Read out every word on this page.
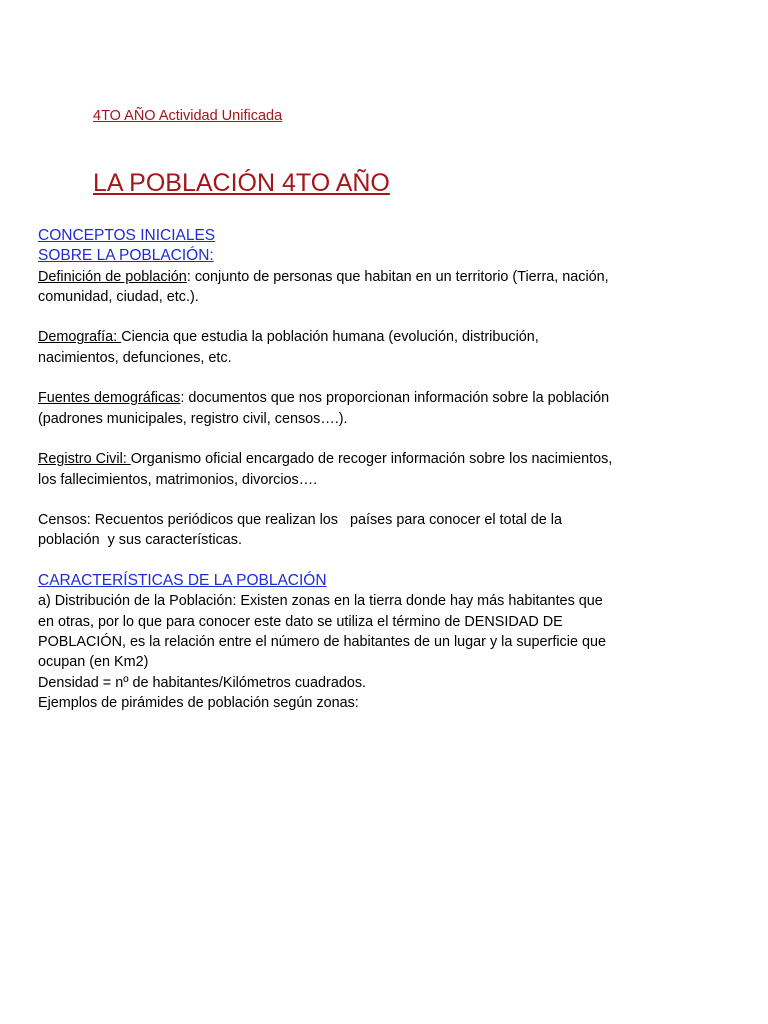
4TO AÑO Actividad Unificada
LA POBLACIÓN 4TO AÑO
CONCEPTOS INICIALES
SOBRE LA POBLACIÓN:
Definición de población: conjunto de personas que habitan en un territorio (Tierra, nación,
comunidad, ciudad, etc.).
Demografía: Ciencia que estudia la población humana (evolución, distribución,
nacimientos, defunciones, etc.
Fuentes demográficas: documentos que nos proporcionan información sobre la población
(padrones municipales, registro civil, censos….).
Registro Civil: Organismo oficial encargado de recoger información sobre los nacimientos,
los fallecimientos, matrimonios, divorcios….
Censos: Recuentos periódicos que realizan los   países para conocer el total de la
población  y sus características.
CARACTERÍSTICAS DE LA POBLACIÓN
a) Distribución de la Población: Existen zonas en la tierra donde hay más habitantes que
en otras, por lo que para conocer este dato se utiliza el término de DENSIDAD DE
POBLACIÓN, es la relación entre el número de habitantes de un lugar y la superficie que
ocupan (en Km2)
Densidad = nº de habitantes/Kilómetros cuadrados.
Ejemplos de pirámides de población según zonas:
